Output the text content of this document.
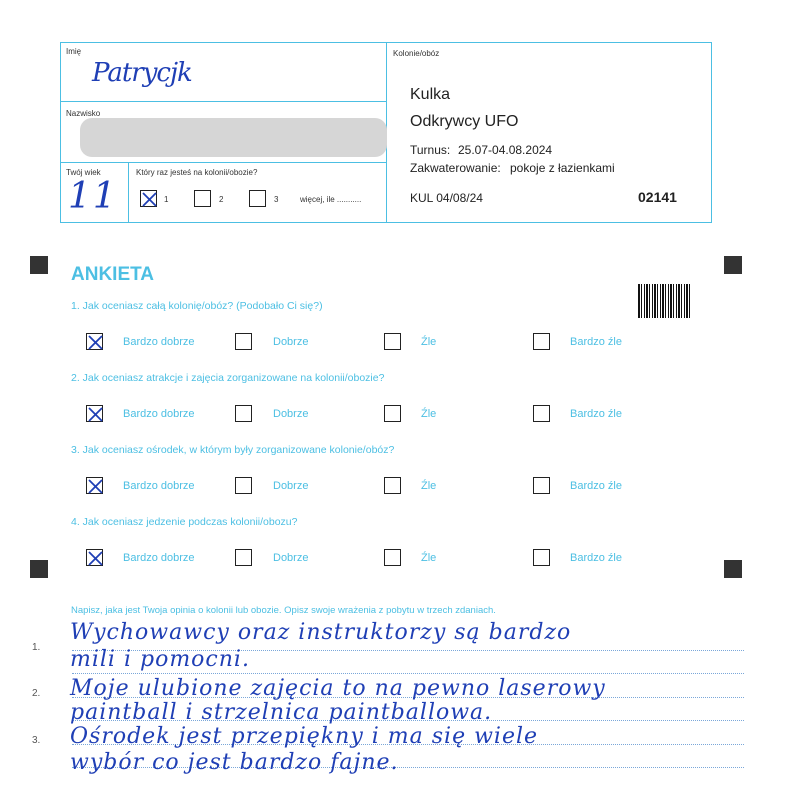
Imię
Patrycjk
Nazwisko
Twój wiek
11
Który raz jesteś na kolonii/obozie?
1	2	3	więcej, ile ...........
Kolonie/obóz
Kulka
Odkrywcy UFO
Turnus: 25.07-04.08.2024
Zakwaterowanie: pokoje z łazienkami
KUL 04/08/24	02141
ANKIETA
1. Jak oceniasz całą kolonię/obóz? (Podobało Ci się?)
Bardzo dobrze	Dobrze	Źle	Bardzo źle
2. Jak oceniasz atrakcje i zajęcia zorganizowane na kolonii/obozie?
Bardzo dobrze	Dobrze	Źle	Bardzo źle
3. Jak oceniasz ośrodek, w którym były zorganizowane kolonie/obóz?
Bardzo dobrze	Dobrze	Źle	Bardzo źle
4. Jak oceniasz jedzenie podczas kolonii/obozu?
Bardzo dobrze	Dobrze	Źle	Bardzo źle
Napisz, jaka jest Twoja opinia o kolonii lub obozie. Opisz swoje wrażenia z pobytu w trzech zdaniach.
1.
2.
3.
Wychowawcy oraz instruktorzy są bardzo
mili i pomocni.
Moje ulubione zajęcia to na pewno laserowy
paintball i strzelnica paintballowa.
Ośrodek jest przepiękny i ma się wiele
wybór co jest bardzo fajne.
